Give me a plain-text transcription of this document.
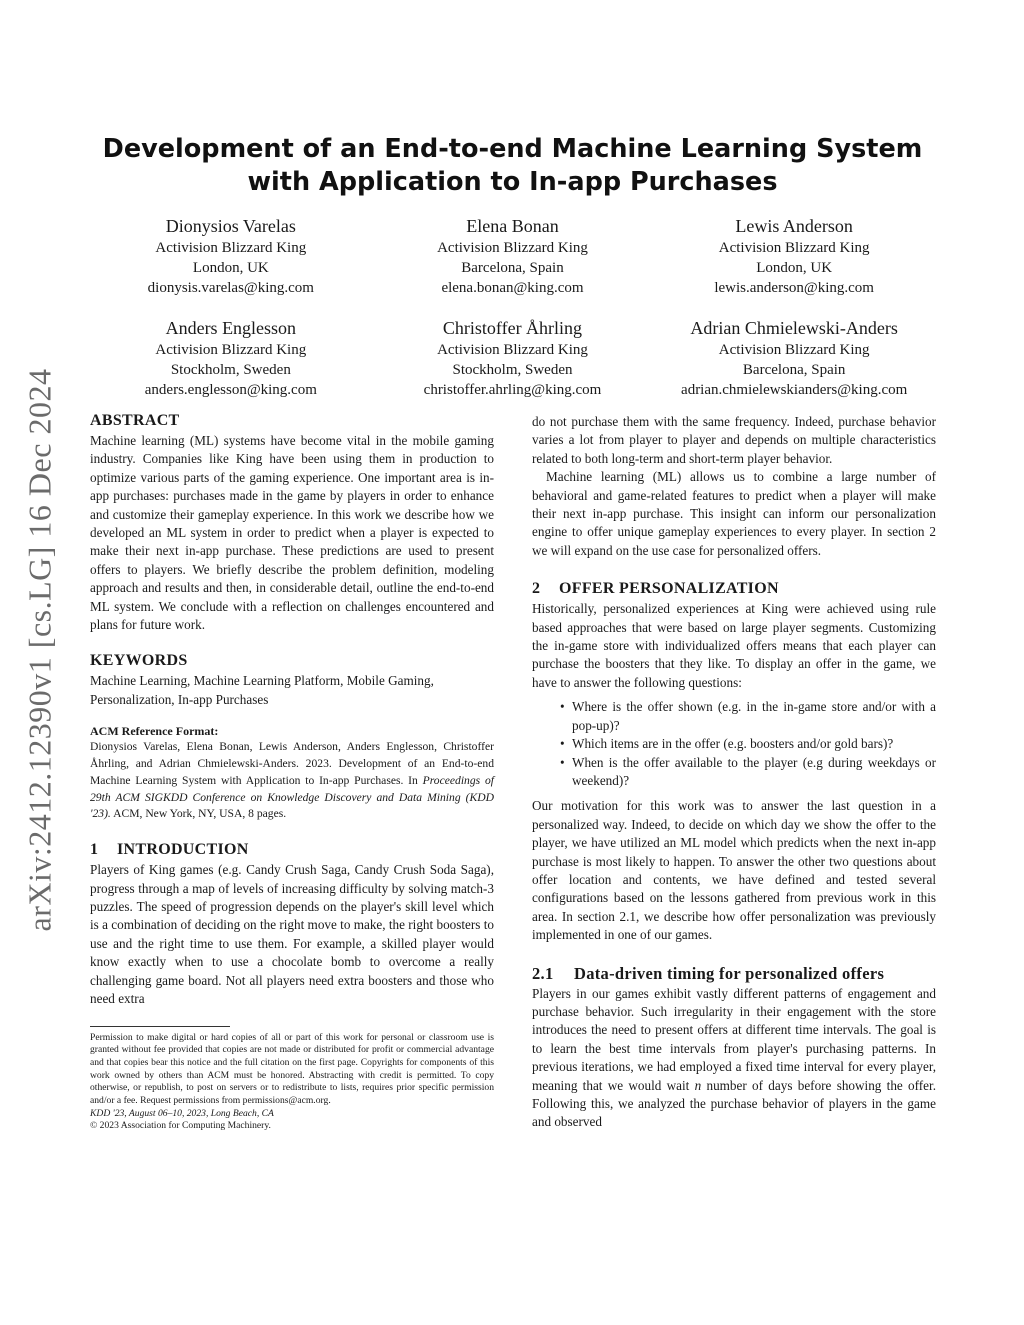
arXiv:2412.12390v1 [cs.LG] 16 Dec 2024
Development of an End-to-end Machine Learning System with Application to In-app Purchases
Dionysios Varelas
Activision Blizzard King
London, UK
dionysis.varelas@king.com
Elena Bonan
Activision Blizzard King
Barcelona, Spain
elena.bonan@king.com
Lewis Anderson
Activision Blizzard King
London, UK
lewis.anderson@king.com
Anders Englesson
Activision Blizzard King
Stockholm, Sweden
anders.englesson@king.com
Christoffer Åhrling
Activision Blizzard King
Stockholm, Sweden
christoffer.ahrling@king.com
Adrian Chmielewski-Anders
Activision Blizzard King
Barcelona, Spain
adrian.chmielewskianders@king.com
ABSTRACT

Machine learning (ML) systems have become vital in the mobile gaming industry. Companies like King have been using them in production to optimize various parts of the gaming experience. One important area is in-app purchases: purchases made in the game by players in order to enhance and customize their gameplay experience. In this work we describe how we developed an ML system in order to predict when a player is expected to make their next in-app purchase. These predictions are used to present offers to players. We briefly describe the problem definition, modeling approach and results and then, in considerable detail, outline the end-to-end ML system. We conclude with a reflection on challenges encountered and plans for future work.

KEYWORDS

Machine Learning, Machine Learning Platform, Mobile Gaming, Personalization, In-app Purchases

ACM Reference Format:
Dionysios Varelas, Elena Bonan, Lewis Anderson, Anders Englesson, Christoffer Åhrling, and Adrian Chmielewski-Anders. 2023. Development of an End-to-end Machine Learning System with Application to In-app Purchases. In Proceedings of 29th ACM SIGKDD Conference on Knowledge Discovery and Data Mining (KDD '23). ACM, New York, NY, USA, 8 pages.
1 INTRODUCTION

Players of King games (e.g. Candy Crush Saga, Candy Crush Soda Saga), progress through a map of levels of increasing difficulty by solving match-3 puzzles. The speed of progression depends on the player's skill level which is a combination of deciding on the right move to make, the right boosters to use and the right time to use them. For example, a skilled player would know exactly when to use a chocolate bomb to overcome a really challenging game board. Not all players need extra boosters and those who need extra

Permission to make digital or hard copies of all or part of this work for personal or classroom use is granted without fee provided that copies are not made or distributed for profit or commercial advantage and that copies bear this notice and the full citation on the first page. Copyrights for components of this work owned by others than ACM must be honored. Abstracting with credit is permitted. To copy otherwise, or republish, to post on servers or to redistribute to lists, requires prior specific permission and/or a fee. Request permissions from permissions@acm.org.
KDD '23, August 06–10, 2023, Long Beach, CA
© 2023 Association for Computing Machinery.

do not purchase them with the same frequency. Indeed, purchase behavior varies a lot from player to player and depends on multiple characteristics related to both long-term and short-term player behavior.

Machine learning (ML) allows us to combine a large number of behavioral and game-related features to predict when a player will make their next in-app purchase. This insight can inform our personalization engine to offer unique gameplay experiences to every player. In section 2 we will expand on the use case for personalized offers.

2 OFFER PERSONALIZATION

Historically, personalized experiences at King were achieved using rule based approaches that were based on large player segments. Customizing the in-game store with individualized offers means that each player can purchase the boosters that they like. To display an offer in the game, we have to answer the following questions:

• Where is the offer shown (e.g. in the in-game store and/or with a pop-up)?
• Which items are in the offer (e.g. boosters and/or gold bars)?
• When is the offer available to the player (e.g during weekdays or weekend)?

Our motivation for this work was to answer the last question in a personalized way. Indeed, to decide on which day we show the offer to the player, we have utilized an ML model which predicts when the next in-app purchase is most likely to happen. To answer the other two questions about offer location and contents, we have defined and tested several configurations based on the lessons gathered from previous work in this area. In section 2.1, we describe how offer personalization was previously implemented in one of our games.

2.1 Data-driven timing for personalized offers

Players in our games exhibit vastly different patterns of engagement and purchase behavior. Such irregularity in their engagement with the store introduces the need to present offers at different time intervals. The goal is to learn the best time intervals from player's purchasing patterns. In previous iterations, we had employed a fixed time interval for every player, meaning that we would wait n number of days before showing the offer. Following this, we analyzed the purchase behavior of players in the game and observed
